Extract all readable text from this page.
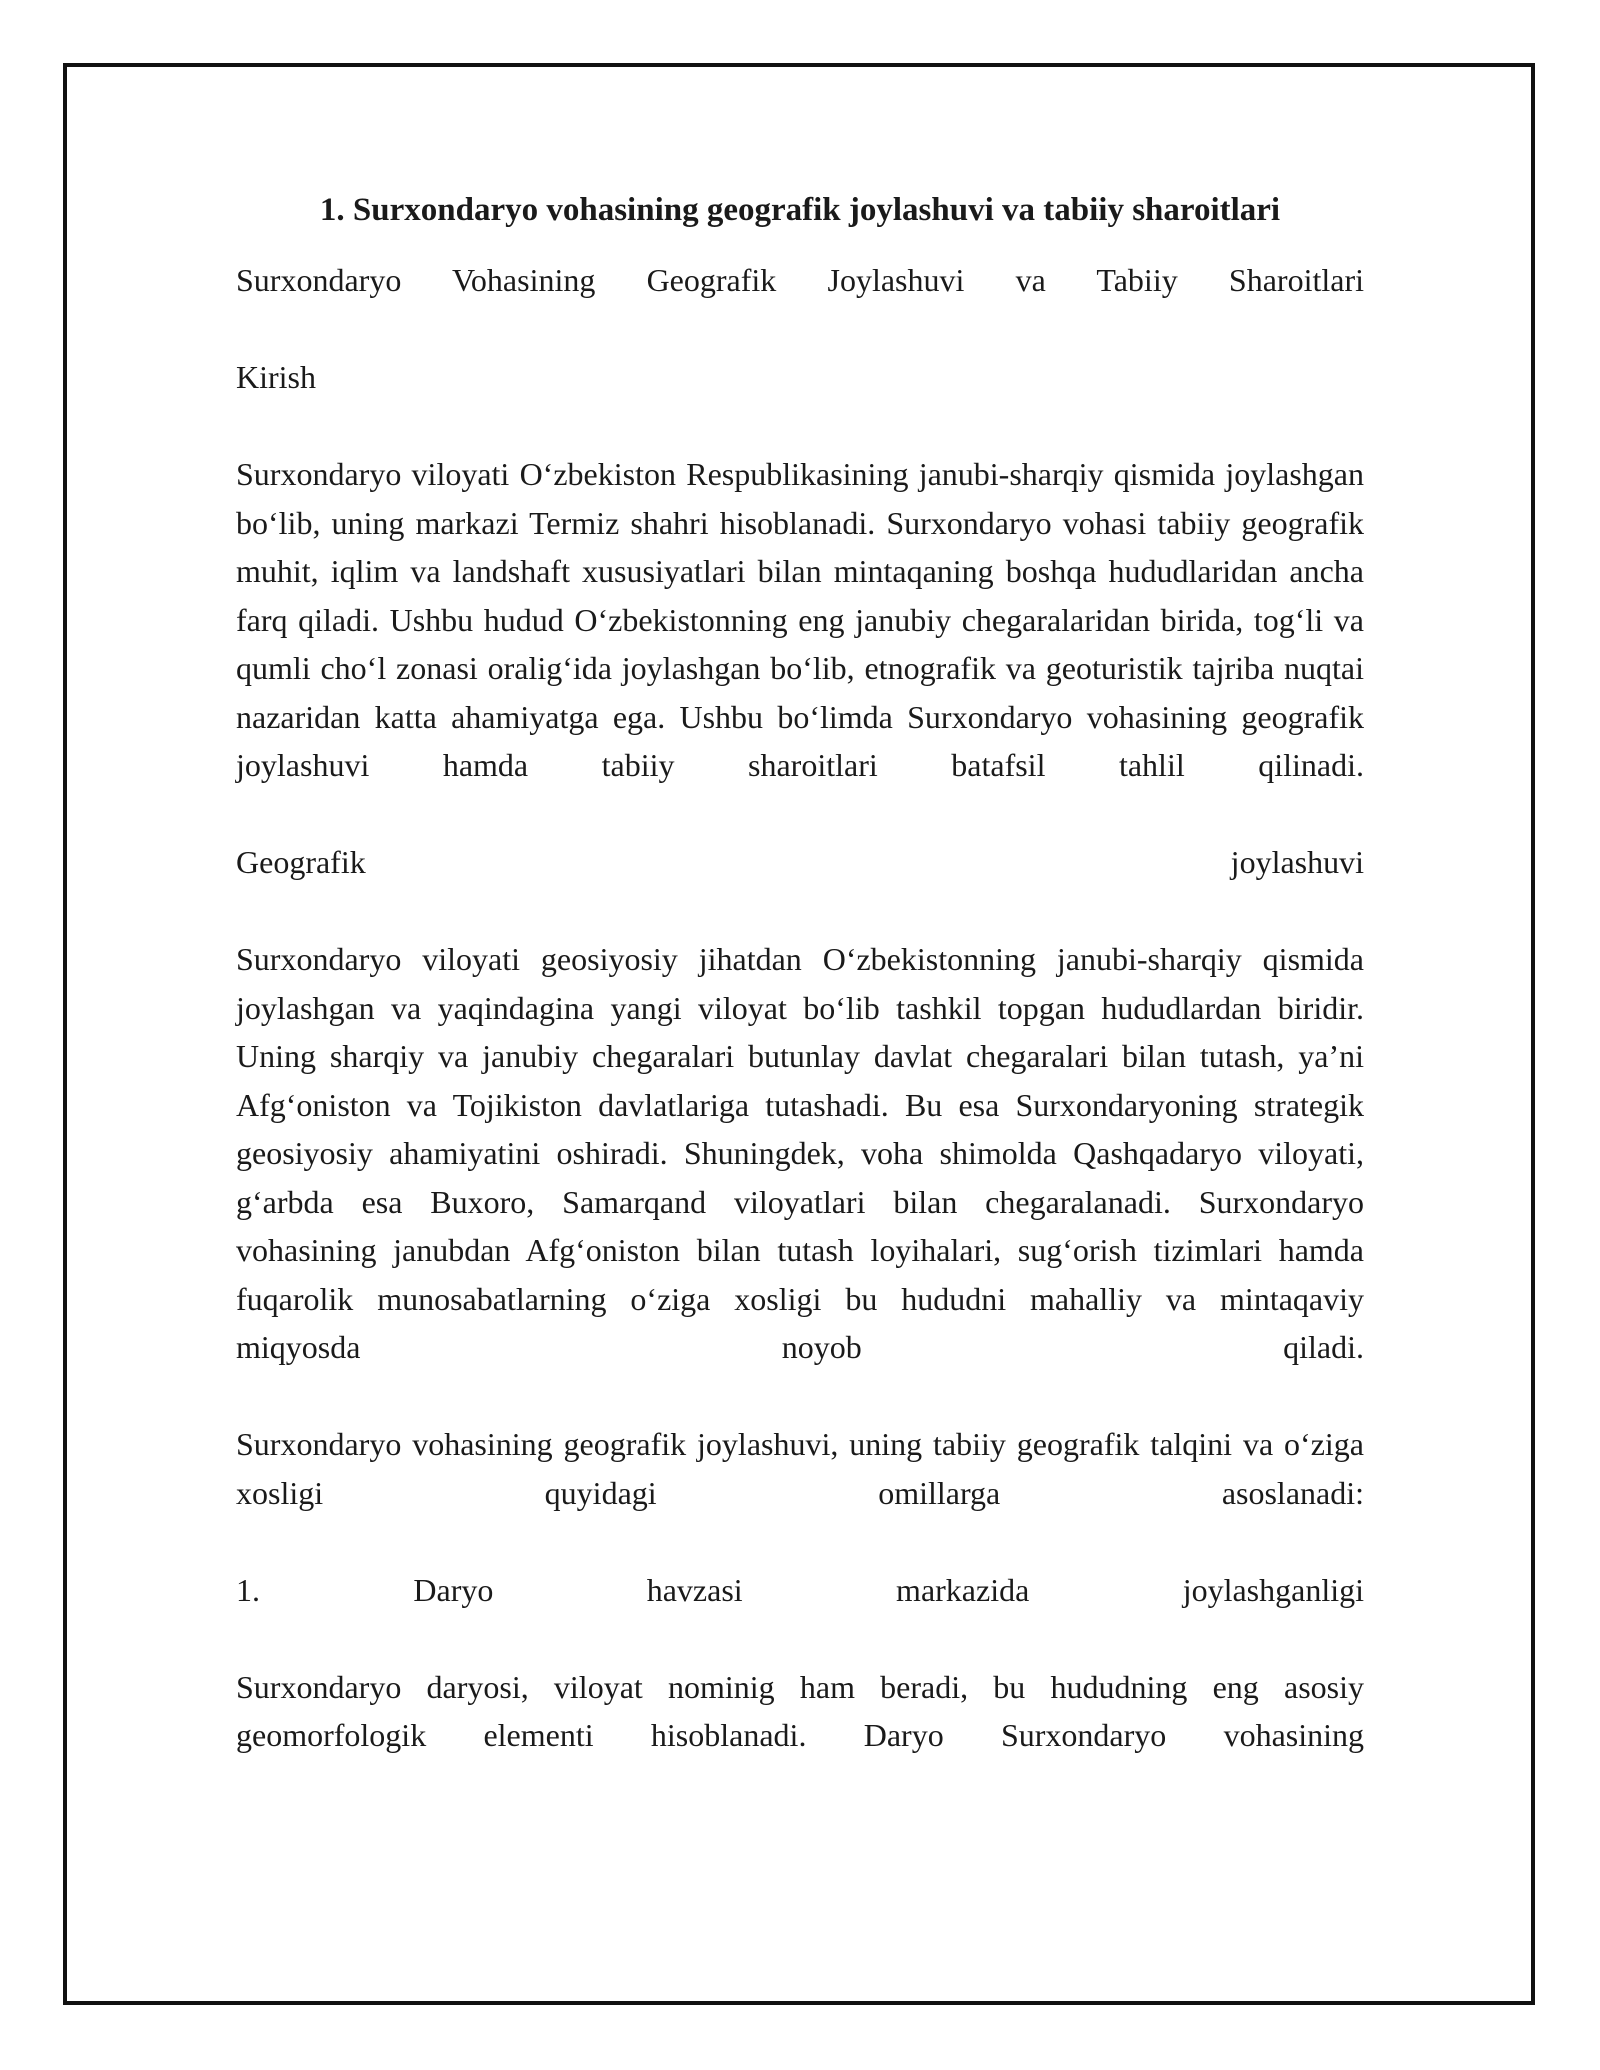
1. Surxondaryo vohasining geografik joylashuvi va tabiiy sharoitlari

Surxondaryo Vohasining Geografik Joylashuvi va Tabiiy Sharoitlari

Kirish

Surxondaryo viloyati O‘zbekiston Respublikasining janubi-sharqiy qismida joylashgan bo‘lib, uning markazi Termiz shahri hisoblanadi. Surxondaryo vohasi tabiiy geografik muhit, iqlim va landshaft xususiyatlari bilan mintaqaning boshqa hududlaridan ancha farq qiladi. Ushbu hudud O‘zbekistonning eng janubiy chegaralaridan birida, tog‘li va qumli cho‘l zonasi oralig‘ida joylashgan bo‘lib, etnografik va geoturistik tajriba nuqtai nazaridan katta ahamiyatga ega. Ushbu bo‘limda Surxondaryo vohasining geografik joylashuvi hamda tabiiy sharoitlari batafsil tahlil qilinadi.

Geografik joylashuvi

Surxondaryo viloyati geosiyosiy jihatdan O‘zbekistonning janubi-sharqiy qismida joylashgan va yaqindagina yangi viloyat bo‘lib tashkil topgan hududlardan biridir. Uning sharqiy va janubiy chegaralari butunlay davlat chegaralari bilan tutash, ya’ni Afg‘oniston va Tojikiston davlatlariga tutashadi. Bu esa Surxondaryoning strategik geosiyosiy ahamiyatini oshiradi. Shuningdek, voha shimolda Qashqadaryo viloyati, g‘arbda esa Buxoro, Samarqand viloyatlari bilan chegaralanadi. Surxondaryo vohasining janubdan Afg‘oniston bilan tutash loyihalari, sug‘orish tizimlari hamda fuqarolik munosabatlarning o‘ziga xosligi bu hududni mahalliy va mintaqaviy miqyosda noyob qiladi.

Surxondaryo vohasining geografik joylashuvi, uning tabiiy geografik talqini va o‘ziga xosligi quyidagi omillarga asoslanadi:

1. Daryo havzasi markazida joylashganligi

Surxondaryo daryosi, viloyat nominig ham beradi, bu hududning eng asosiy geomorfologik elementi hisoblanadi. Daryo Surxondaryo vohasining
